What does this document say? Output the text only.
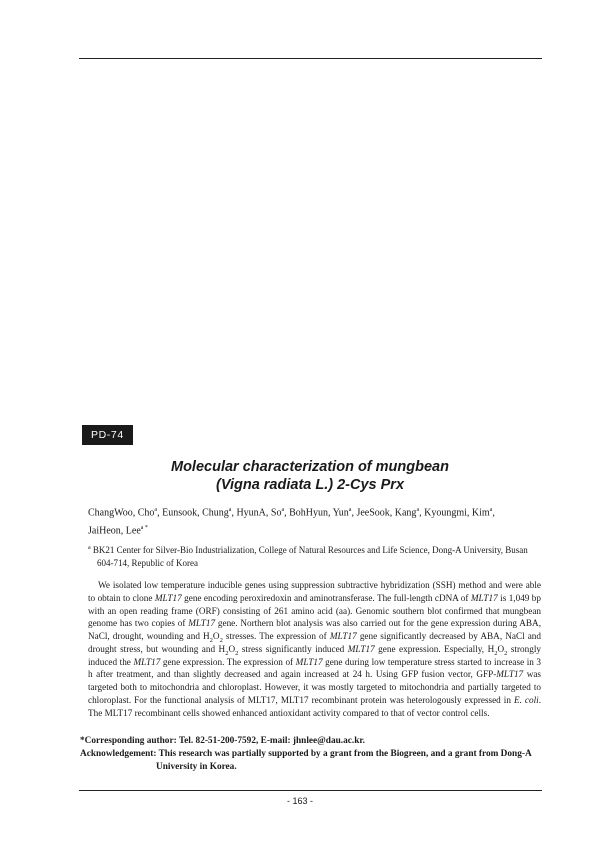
PD-74
Molecular characterization of mungbean
(Vigna radiata L.) 2-Cys Prx
ChangWoo, Cho$^a$, Eunsook, Chung$^a$, HyunA, So$^a$, BohHyun, Yun$^a$, JeeSook, Kang$^a$, Kyoungmi, Kim$^a$,
JaiHeon, Lee$^{a *}$
$^a$ BK21 Center for Silver-Bio Industrialization, College of Natural Resources and Life Science, Dong-A University, Busan
604-714, Republic of Korea
We isolated low temperature inducible genes using suppression subtractive hybridization (SSH) method and were able to obtain to clone MLT17 gene encoding peroxiredoxin and aminotransferase. The full-length cDNA of MLT17 is 1,049 bp with an open reading frame (ORF) consisting of 261 amino acid (aa). Genomic southern blot confirmed that mungbean genome has two copies of MLT17 gene. Northern blot analysis was also carried out for the gene expression during ABA, NaCl, drought, wounding and $H_2O_2$ stresses. The expression of MLT17 gene significantly decreased by ABA, NaCl and drought stress, but wounding and $H_2O_2$ stress significantly induced MLT17 gene expression. Especially, $H_2O_2$ strongly induced the MLT17 gene expression. The expression of MLT17 gene during low temperature stress started to increase in 3 h after treatment, and than slightly decreased and again increased at 24 h. Using GFP fusion vector, GFP-MLT17 was targeted both to mitochondria and chloroplast. However, it was mostly targeted to mitochondria and partially targeted to chloroplast. For the functional analysis of MLT17, MLT17 recombinant protein was heterologously expressed in E. coli. The MLT17 recombinant cells showed enhanced antioxidant activity compared to that of vector control cells.
*Corresponding author: Tel. 82-51-200-7592, E-mail: jhnlee@dau.ac.kr.
Acknowledgement: This research was partially supported by a grant from the Biogreen, and a grant from Dong-A
University in Korea.
- 163 -
